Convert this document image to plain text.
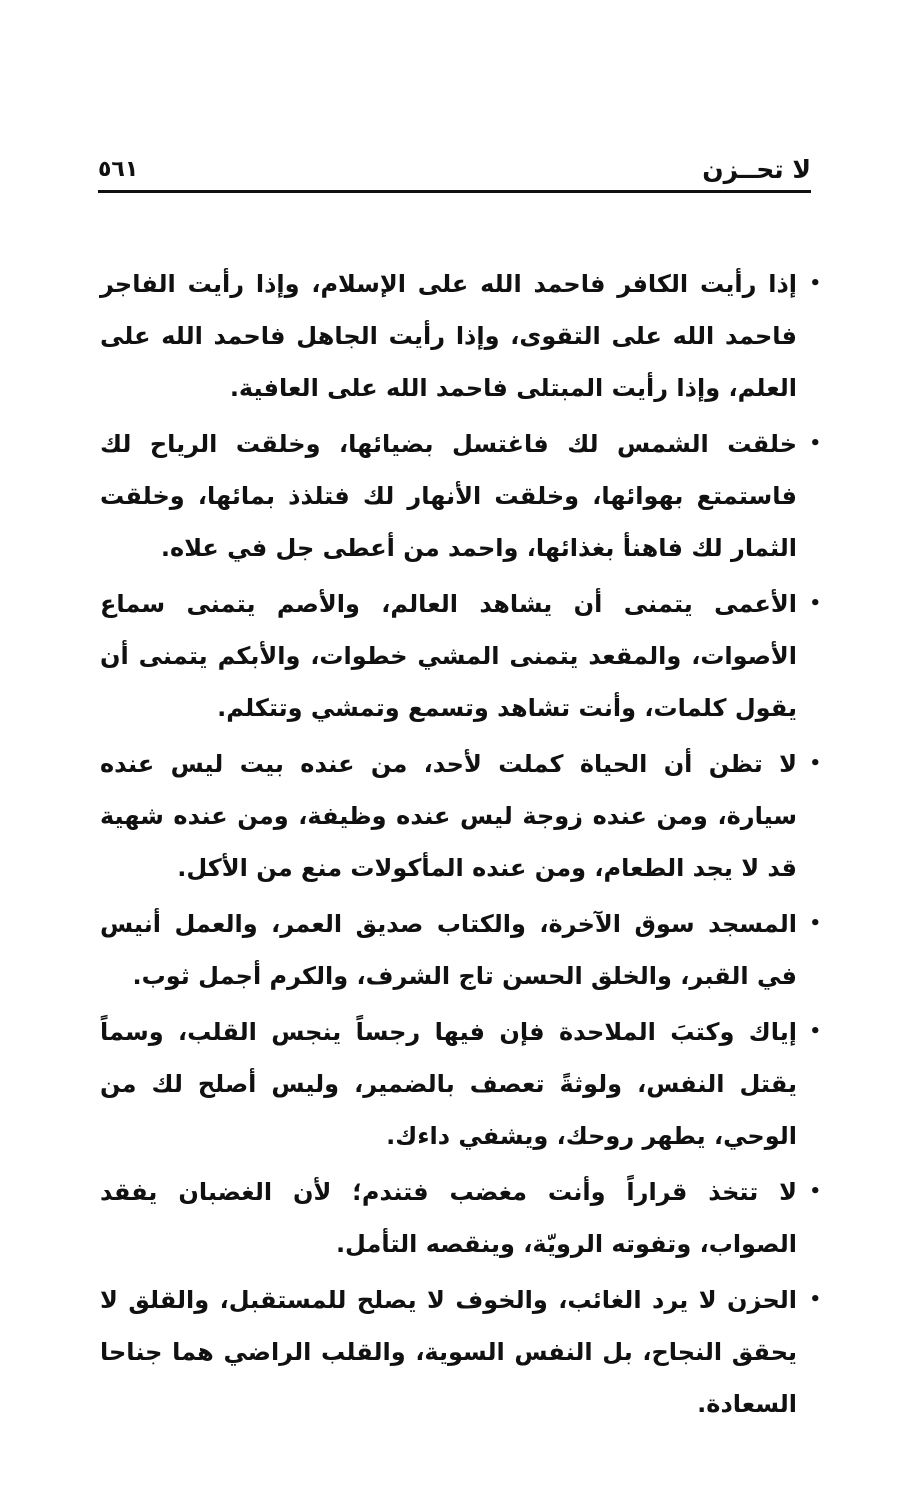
لا تحــزن
٥٦١

•
إذا رأيت الكافر فاحمد الله على الإسلام، وإذا رأيت الفاجر فاحمد الله على التقوى، وإذا رأيت الجاهل فاحمد الله على العلم، وإذا رأيت المبتلى فاحمد الله على العافية.

•
خلقت الشمس لك فاغتسل بضيائها، وخلقت الرياح لك فاستمتع بهوائها، وخلقت الأنهار لك فتلذذ بمائها، وخلقت الثمار لك فاهنأ بغذائها، واحمد من أعطى جل في علاه.

•
الأعمى يتمنى أن يشاهد العالم، والأصم يتمنى سماع الأصوات، والمقعد يتمنى المشي خطوات، والأبكم يتمنى أن يقول كلمات، وأنت تشاهد وتسمع وتمشي وتتكلم.

•
لا تظن أن الحياة كملت لأحد، من عنده بيت ليس عنده سيارة، ومن عنده زوجة ليس عنده وظيفة، ومن عنده شهية قد لا يجد الطعام، ومن عنده المأكولات منع من الأكل.

•
المسجد سوق الآخرة، والكتاب صديق العمر، والعمل أنيس في القبر، والخلق الحسن تاج الشرف، والكرم أجمل ثوب.

•
إياك وكتبَ الملاحدة فإن فيها رجساً ينجس القلب، وسماً يقتل النفس، ولوثةً تعصف بالضمير، وليس أصلح لك من الوحي، يطهر روحك، ويشفي داءك.

•
لا تتخذ قراراً وأنت مغضب فتندم؛ لأن الغضبان يفقد الصواب، وتفوته الرويّة، وينقصه التأمل.

•
الحزن لا يرد الغائب، والخوف لا يصلح للمستقبل، والقلق لا يحقق النجاح، بل النفس السوية، والقلب الراضي هما جناحا السعادة.
